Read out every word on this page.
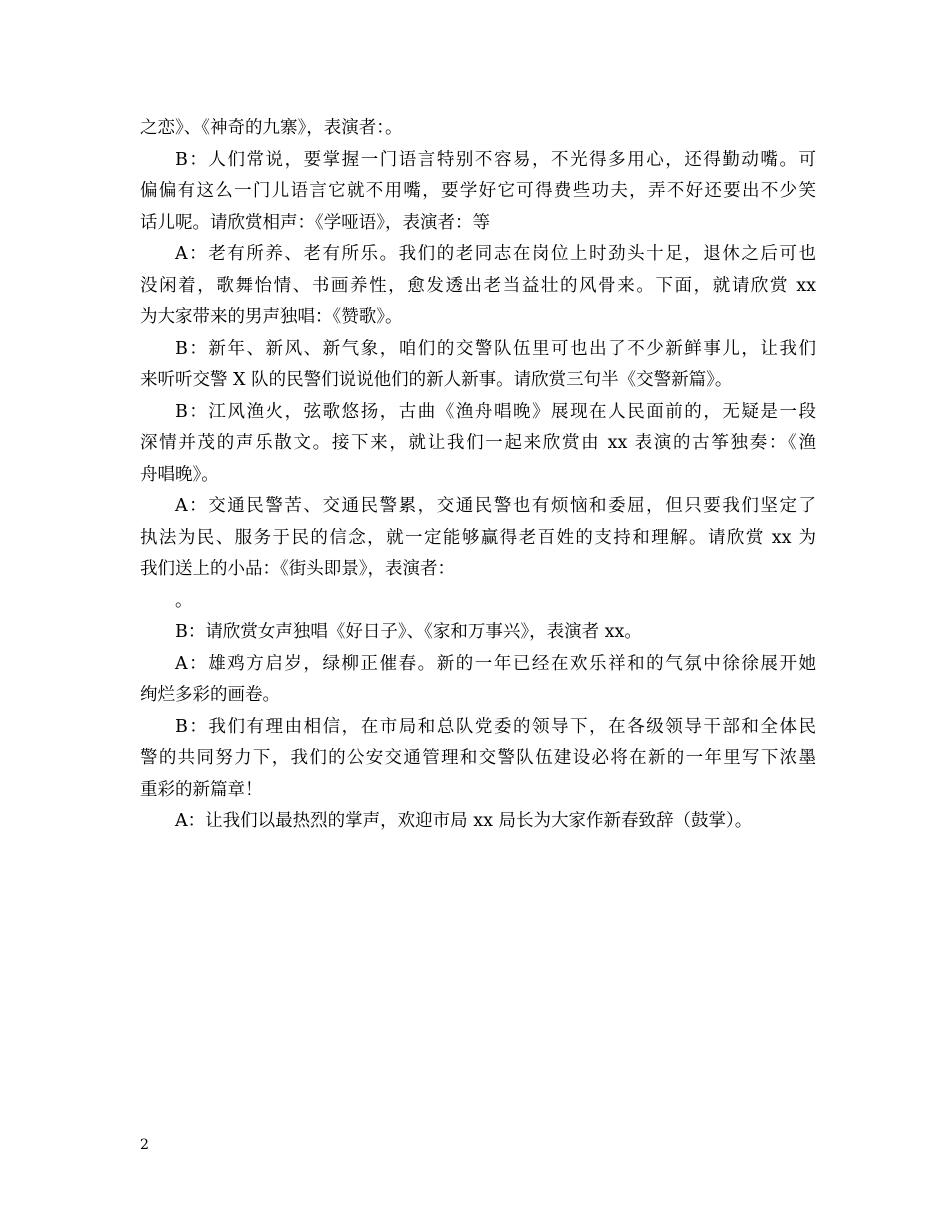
之恋》、《神奇的九寨》，表演者：。
B：人们常说，要掌握一门语言特别不容易，不光得多用心，还得勤动嘴。可
偏偏有这么一门儿语言它就不用嘴，要学好它可得费些功夫，弄不好还要出不少笑
话儿呢。请欣赏相声：《学哑语》，表演者：等
A：老有所养、老有所乐。我们的老同志在岗位上时劲头十足，退休之后可也
没闲着，歌舞怡情、书画养性，愈发透出老当益壮的风骨来。下面，就请欣赏 xx
为大家带来的男声独唱：《赞歌》。
B：新年、新风、新气象，咱们的交警队伍里可也出了不少新鲜事儿，让我们
来听听交警 X 队的民警们说说他们的新人新事。请欣赏三句半《交警新篇》。
B：江风渔火，弦歌悠扬，古曲《渔舟唱晚》展现在人民面前的，无疑是一段
深情并茂的声乐散文。接下来，就让我们一起来欣赏由 xx 表演的古筝独奏：《渔
舟唱晚》。
A：交通民警苦、交通民警累，交通民警也有烦恼和委屈，但只要我们坚定了
执法为民、服务于民的信念，就一定能够赢得老百姓的支持和理解。请欣赏 xx 为
我们送上的小品：《街头即景》，表演者：
。
B：请欣赏女声独唱《好日子》、《家和万事兴》，表演者 xx。
A：雄鸡方启岁，绿柳正催春。新的一年已经在欢乐祥和的气氛中徐徐展开她
绚烂多彩的画卷。
B：我们有理由相信，在市局和总队党委的领导下，在各级领导干部和全体民
警的共同努力下，我们的公安交通管理和交警队伍建设必将在新的一年里写下浓墨
重彩的新篇章！
A：让我们以最热烈的掌声，欢迎市局 xx 局长为大家作新春致辞（鼓掌）。
2
